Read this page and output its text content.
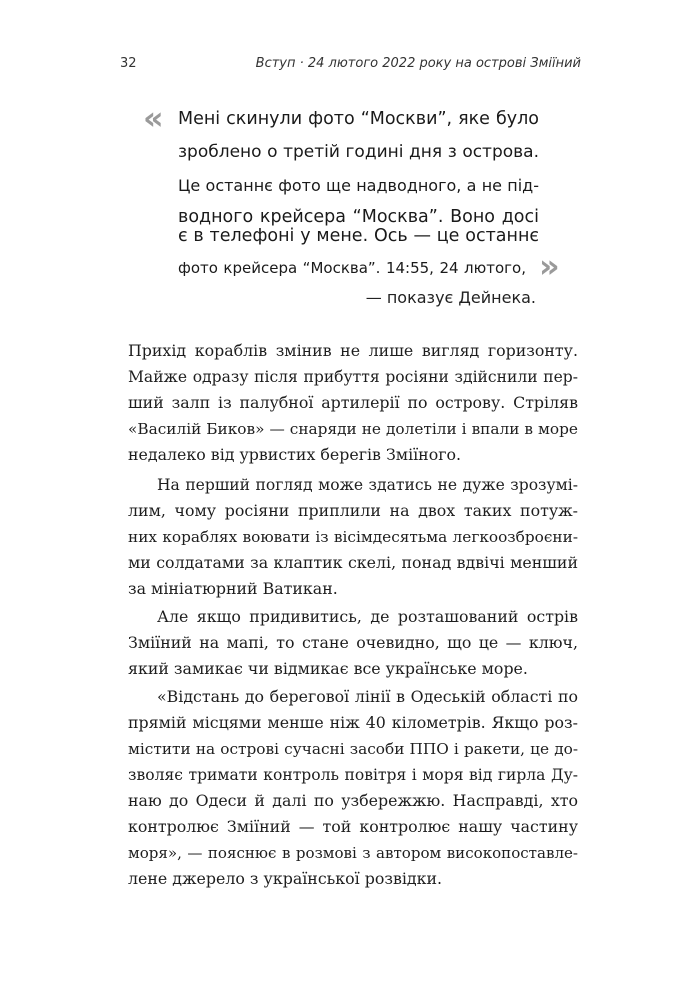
32	Вступ · 24 лютого 2022 року на острові Зміїний
« Мені скинули фото “Москви”, яке було
зроблено о третій годині дня з острова.
Це останнє фото ще надводного, а не під-
водного крейсера “Москва”. Воно досі
є в телефоні у мене. Ось — це останнє
фото крейсера “Москва”. 14:55, 24 лютого, »
— показує Дейнека.
Прихід кораблів змінив не лише вигляд горизонту.
Майже одразу після прибуття росіяни здійснили пер-
ший залп із палубної артилерії по острову. Стріляв
«Василій Биков» — снаряди не долетіли і впали в море
недалеко від урвистих берегів Зміїного.
На перший погляд може здатись не дуже зрозумі-
лим, чому росіяни приплили на двох таких потуж-
них кораблях воювати із вісімдесятьма легкоозброєни-
ми солдатами за клаптик скелі, понад вдвічі менший
за мініатюрний Ватикан.
Але якщо придивитись, де розташований острів
Зміїний на мапі, то стане очевидно, що це — ключ,
який замикає чи відмикає все українське море.
«Відстань до берегової лінії в Одеській області по
прямій місцями менше ніж 40 кілометрів. Якщо роз-
містити на острові сучасні засоби ППО і ракети, це до-
зволяє тримати контроль повітря і моря від гирла Ду-
наю до Одеси й далі по узбережжю. Насправді, хто
контролює Зміїний — той контролює нашу частину
моря», — пояснює в розмові з автором високопоставле-
лене джерело з української розвідки.
